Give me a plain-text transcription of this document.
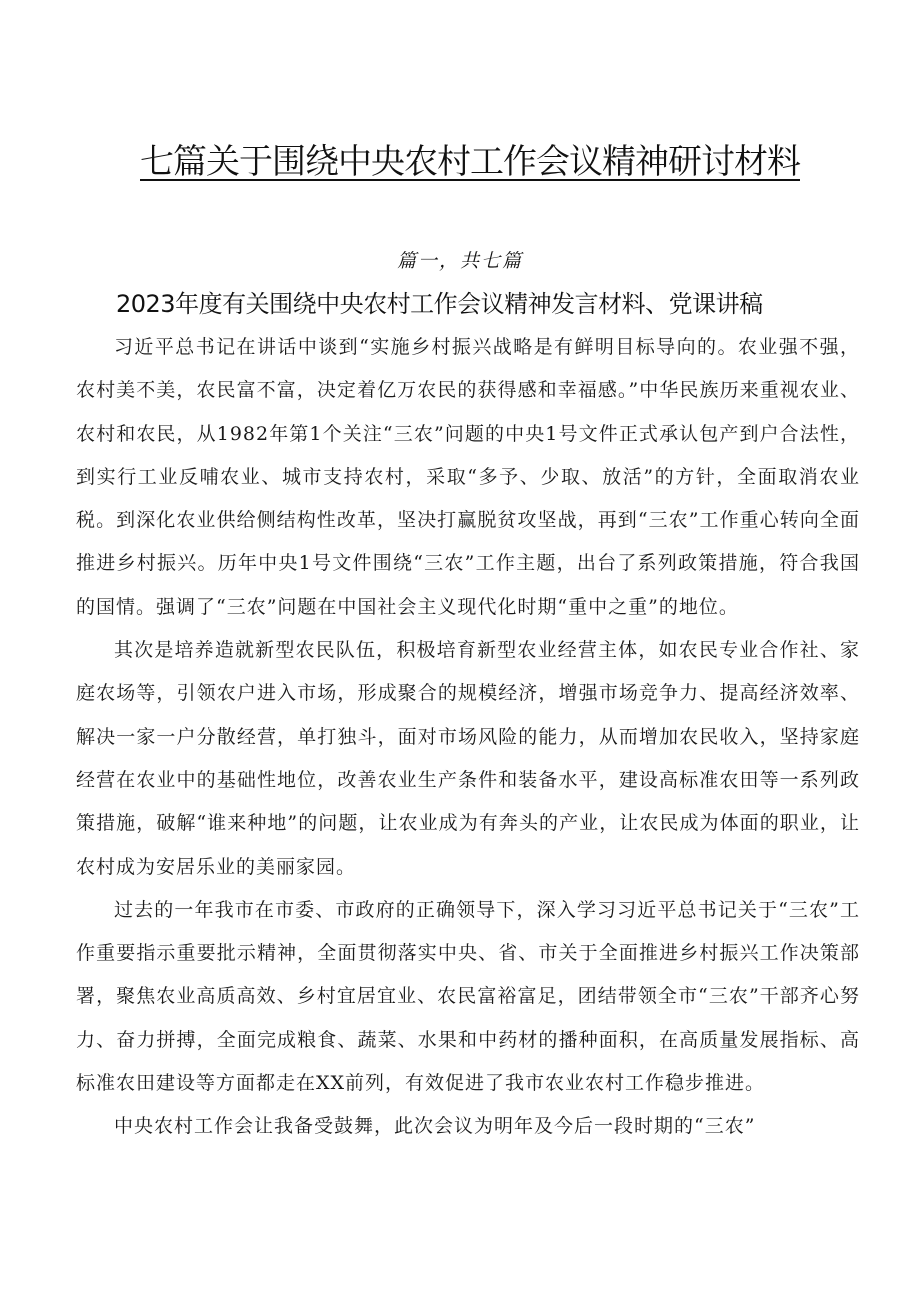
七篇关于围绕中央农村工作会议精神研讨材料
篇一，共七篇
2023年度有关围绕中央农村工作会议精神发言材料、党课讲稿

习近平总书记在讲话中谈到“实施乡村振兴战略是有鲜明目标导向的。农业强不强，农村美不美，农民富不富，决定着亿万农民的获得感和幸福感。”中华民族历来重视农业、农村和农民，从1982年第1个关注“三农”问题的中央1号文件正式承认包产到户合法性，到实行工业反哺农业、城市支持农村，采取“多予、少取、放活”的方针，全面取消农业税。到深化农业供给侧结构性改革，坚决打赢脱贫攻坚战，再到“三农”工作重心转向全面推进乡村振兴。历年中央1号文件围绕“三农”工作主题，出台了系列政策措施，符合我国的国情。强调了“三农”问题在中国社会主义现代化时期“重中之重”的地位。

其次是培养造就新型农民队伍，积极培育新型农业经营主体，如农民专业合作社、家庭农场等，引领农户进入市场，形成聚合的规模经济，增强市场竞争力、提高经济效率、解决一家一户分散经营，单打独斗，面对市场风险的能力，从而增加农民收入，坚持家庭经营在农业中的基础性地位，改善农业生产条件和装备水平，建设高标准农田等一系列政策措施，破解“谁来种地”的问题，让农业成为有奔头的产业，让农民成为体面的职业，让农村成为安居乐业的美丽家园。

过去的一年我市在市委、市政府的正确领导下，深入学习习近平总书记关于“三农”工作重要指示重要批示精神，全面贯彻落实中央、省、市关于全面推进乡村振兴工作决策部署，聚焦农业高质高效、乡村宜居宜业、农民富裕富足，团结带领全市“三农”干部齐心努力、奋力拼搏，全面完成粮食、蔬菜、水果和中药材的播种面积，在高质量发展指标、高标准农田建设等方面都走在XX前列，有效促进了我市农业农村工作稳步推进。

中央农村工作会让我备受鼓舞，此次会议为明年及今后一段时期的“三农”
